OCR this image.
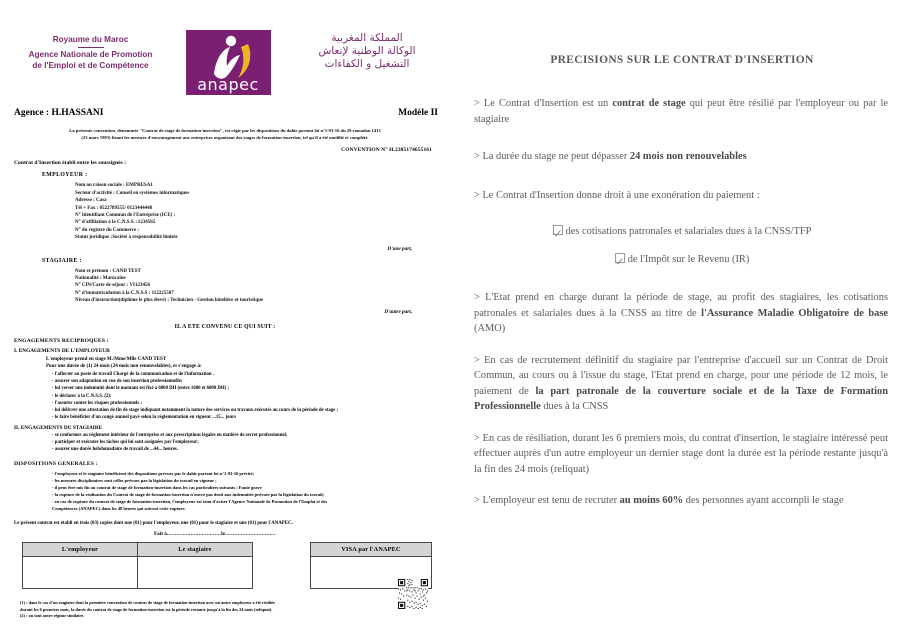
Royaume du Maroc
Agence Nationale de Promotion
de l'Emploi et de Compétence
anapec
المملكة المغربية
الوكالة الوطنية لإنعاش
التشغيل و الكفاءات
Agence : H.HASSANI	Modèle II
La présente convention, dénommée "Contrat de stage de formation-insertion", est régie par les dispositions du dahir portant loi n°1-93-16 du 29 ramadan 1413
(23 mars 1993) fixant les mesures d'encouragement aux entreprises organisant des stages de formation-insertion, tel qu'il a été modifié et complété.
CONVENTION N° H.2305174655161
Contrat d'Insertion établi entre les soussignés :
EMPLOYEUR :
Nom ou raison sociale : EMPRESA1
Secteur d'activité : Conseil en systèmes informatiques
Adresse : Casa
Tél + Fax : 0522789555/ 0123444448
N° Identifiant Commun de l'Entreprise (ICE) :
N° d'affiliation à la C.N.S.S. :1234565
N° du registre du Commerce :
Statut juridique :Société à responsabilité limitée
D'une part,
STAGIAIRE :
Nom et prénom : CAND TEST
Nationalité : Marocaine
N° CIN/Carte de séjour : VI123456
N° d'immatriculation à la C.N.S.S : 112225587
Niveau d'instruction(diplôme le plus élevé) : Technicien - Gestion hôtelière et touristique
D'autre part,
IL A ETE CONVENU CE QUI SUIT :
ENGAGEMENTS RECIPROQUES :
I. ENGAGEMENTS DE L'EMPLOYEUR
L'employeur prend en stage M./Mme/Mlle CAND TEST
Pour une durée de (1) 24 mois (24 mois non renouvelables), et s'engage à:
- l'affecter au poste de travail Chargé de la communication et de l'information .
- assurer son adaptation en vue de son insertion professionnelle;
- lui verser une indemnité dont le montant est fixé à 6000 DH (entre 1600 et 6000 DH) ;
- le déclarer à la C.N.S.S. (2);
- l'assurer contre les risques professionnels ;
- lui délivrer une attestation de fin de stage indiquant notamment la nature des services ou travaux exécutés au cours de la période de stage ;
- le faire bénéficier d'un congé annuel payé selon la réglementation en vigueur ...15... jours
II. ENGAGEMENTS DU STAGIAIRE
- se conformer au règlement intérieur de l'entreprise et aux prescriptions légales en matière de secret professionnel;
- participer et exécuter les tâches qui lui sont assignées par l'employeur;
- assurer une durée hebdomadaire de travail de ...44... heures.
DISPOSITIONS GENERALES :
- l'employeur et le stagiaire bénéficient des dispositions prévues par le dahir portant loi n°1-93-16 précité;
- les mesures disciplinaires sont celles prévues par la législation du travail en vigueur ;
- il peut être mis fin au contrat de stage de formation-insertion dans les cas particuliers suivants : Faute grave
- la rupture de la réalisation du Contrat de stage de formation-insertion n'ouvre pas droit aux indemnités prévues par la législation du travail;
- en cas de rupture du contrat de stage de formation-insertion, l'employeur est tenu d'aviser l'Agence Nationale de Promotion de l'Emploi et des
Compétences (ANAPEC) dans les 48 heures qui suivent cette rupture.
Le présent contrat est établi en trois (03) copies dont une (01) pour l'employeur, une (01) pour le stagiaire et une (01) pour l'ANAPEC.
Fait à..................................le................................
L'employeur	Le stagiaire
		VISA par l'ANAPEC

(1) : dans le cas d'un stagiaire dont la première convention de contrat de stage de formation-insertion avec un autre employeur a été résiliée
durant les 6 premiers mois, la durée du contrat de stage de formation-insertion est la période restante jusqu'à la fin des 24 mois (reliquat).
(2) : ou tout autre régime similaire.
PRECISIONS SUR LE CONTRAT D'INSERTION
> Le Contrat d'Insertion est un contrat de stage qui peut être résilié par l'employeur ou par le stagiaire
> La durée du stage ne peut dépasser 24 mois non renouvelables
> Le Contrat d'Insertion donne droit à une exonération du paiement :
des cotisations patronales et salariales dues à la CNSS/TFP
de l'Impôt sur le Revenu (IR)
> L'Etat prend en charge durant la période de stage, au profit des stagiaires, les cotisations patronales et salariales dues à la CNSS au titre de l'Assurance Maladie Obligatoire de base (AMO)
> En cas de recrutement définitif du stagiaire par l'entreprise d'accueil sur un Contrat de Droit Commun, au cours ou à l'issue du stage, l'Etat prend en charge, pour une période de 12 mois, le paiement de la part patronale de la couverture sociale et de la Taxe de Formation Professionnelle dues à la CNSS
> En cas de résiliation, durant les 6 premiers mois, du contrat d'insertion, le stagiaire intéressé peut effectuer auprès d'un autre employeur un dernier stage dont la durée est la période restante jusqu'à la fin des 24 mois (reliquat)
> L'employeur est tenu de recruter au moins 60% des personnes ayant accompli le stage
